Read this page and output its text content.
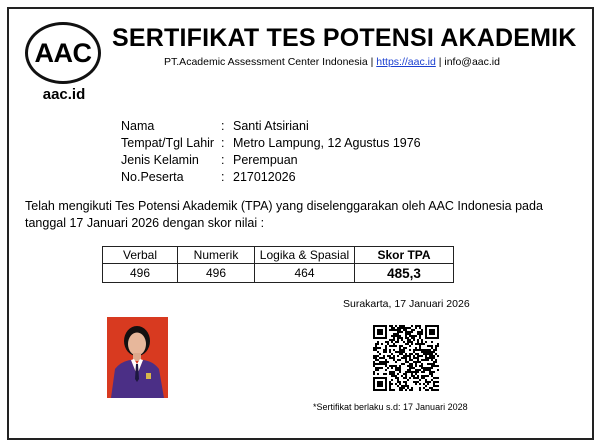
AAC
aac.id
SERTIFIKAT TES POTENSI AKADEMIK
PT.Academic Assessment Center Indonesia | https://aac.id | info@aac.id
Nama	: Santi Atsiriani
Tempat/Tgl Lahir : Metro Lampung, 12 Agustus 1976
Jenis Kelamin	: Perempuan
No.Peserta	: 217012026
Telah mengikuti Tes Potensi Akademik (TPA) yang diselenggarakan oleh AAC Indonesia pada tanggal 17 Januari 2026 dengan skor nilai :
Verbal	Numerik	Logika & Spasial	Skor TPA
496	496	464	485,3
Surakarta, 17 Januari 2026
*Sertifikat berlaku s.d: 17 Januari 2028
